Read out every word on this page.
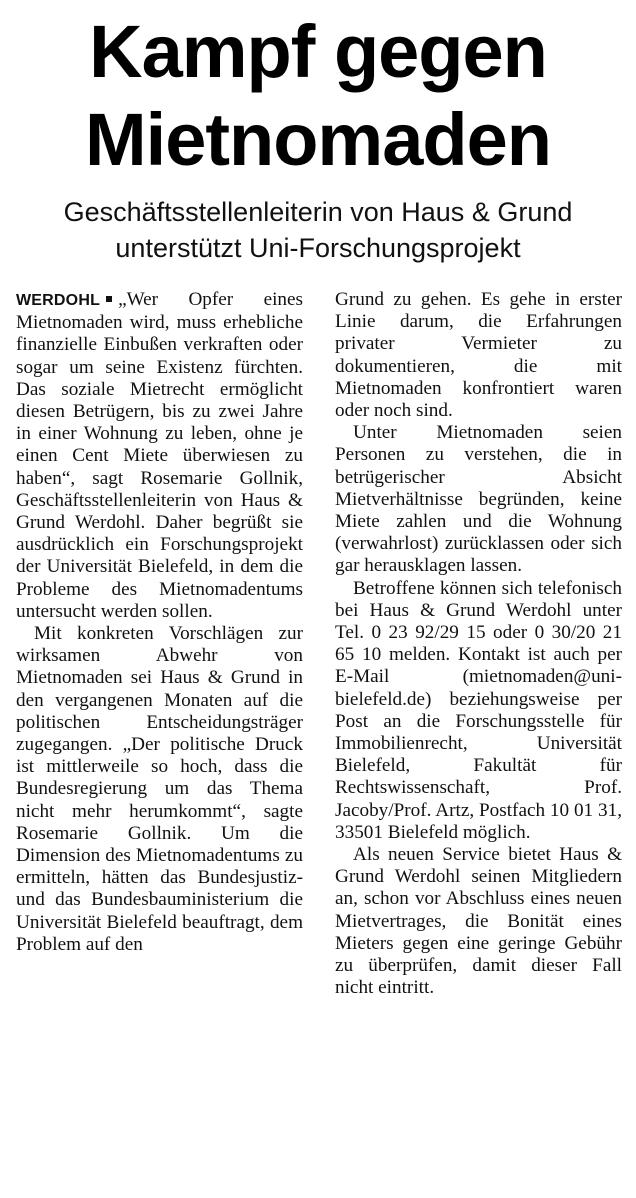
Kampf gegen
Mietnomaden
Geschäftsstellenleiterin von Haus & Grund
unterstützt Uni-Forschungsprojekt

WERDOHL „Wer Opfer eines Mietnomaden wird, muss erhebliche finanzielle Einbußen verkraften oder sogar um seine Existenz fürchten. Das soziale Mietrecht ermöglicht diesen Betrügern, bis zu zwei Jahre in einer Wohnung zu leben, ohne je einen Cent Miete überwiesen zu haben“, sagt Rosemarie Gollnik, Geschäftsstellenleiterin von Haus & Grund Werdohl. Daher begrüßt sie ausdrücklich ein Forschungsprojekt der Universität Bielefeld, in dem die Probleme des Mietnomadentums untersucht werden sollen.

Mit konkreten Vorschlägen zur wirksamen Abwehr von Mietnomaden sei Haus & Grund in den vergangenen Monaten auf die politischen Entscheidungsträger zugegangen. „Der politische Druck ist mittlerweile so hoch, dass die Bundesregierung um das Thema nicht mehr herumkommt“, sagte Rosemarie Gollnik. Um die Dimension des Mietnomadentums zu ermitteln, hätten das Bundesjustiz- und das Bundesbauministerium die Universität Bielefeld beauftragt, dem Problem auf den

Grund zu gehen. Es gehe in erster Linie darum, die Erfahrungen privater Vermieter zu dokumentieren, die mit Mietnomaden konfrontiert waren oder noch sind.

Unter Mietnomaden seien Personen zu verstehen, die in betrügerischer Absicht Mietverhältnisse begründen, keine Miete zahlen und die Wohnung (verwahrlost) zurücklassen oder sich gar herausklagen lassen.

Betroffene können sich telefonisch bei Haus & Grund Werdohl unter Tel. 0 23 92/29 15 oder 0 30/20 21 65 10 melden. Kontakt ist auch per E-Mail (mietnomaden@uni-bielefeld.de) beziehungsweise per Post an die Forschungsstelle für Immobilienrecht, Universität Bielefeld, Fakultät für Rechtswissenschaft, Prof. Jacoby/Prof. Artz, Postfach 10 01 31, 33501 Bielefeld möglich.

Als neuen Service bietet Haus & Grund Werdohl seinen Mitgliedern an, schon vor Abschluss eines neuen Mietvertrages, die Bonität eines Mieters gegen eine geringe Gebühr zu überprüfen, damit dieser Fall nicht eintritt.
